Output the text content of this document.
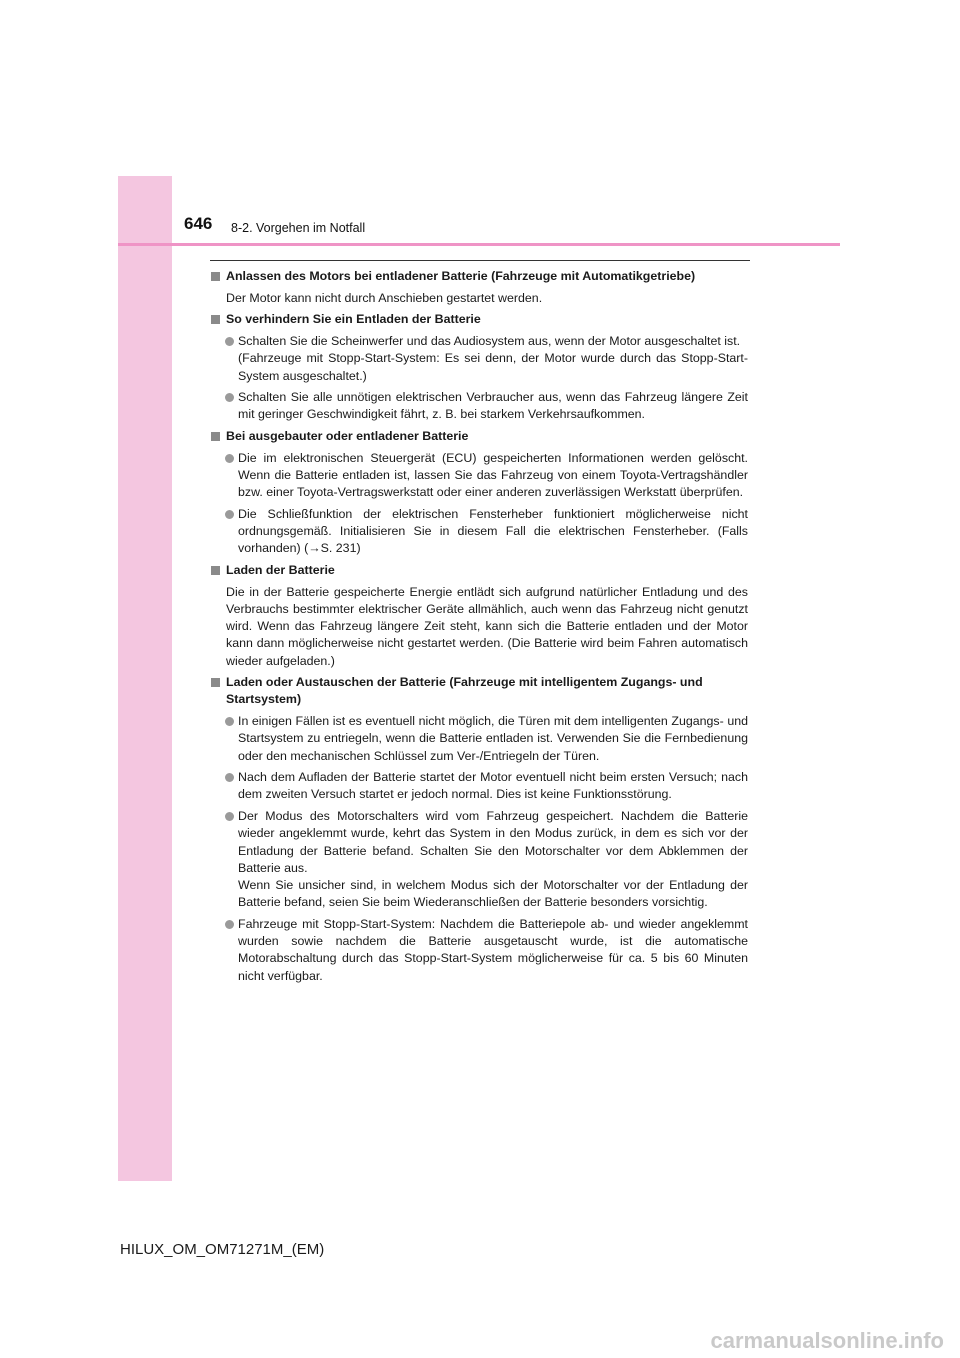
646 8-2. Vorgehen im Notfall
Anlassen des Motors bei entladener Batterie (Fahrzeuge mit Automatikgetriebe)
Der Motor kann nicht durch Anschieben gestartet werden.
So verhindern Sie ein Entladen der Batterie
Schalten Sie die Scheinwerfer und das Audiosystem aus, wenn der Motor ausgeschaltet ist.
(Fahrzeuge mit Stopp-Start-System: Es sei denn, der Motor wurde durch das Stopp-Start-System ausgeschaltet.)
Schalten Sie alle unnötigen elektrischen Verbraucher aus, wenn das Fahrzeug längere Zeit mit geringer Geschwindigkeit fährt, z. B. bei starkem Verkehrsaufkommen.
Bei ausgebauter oder entladener Batterie
Die im elektronischen Steuergerät (ECU) gespeicherten Informationen werden gelöscht. Wenn die Batterie entladen ist, lassen Sie das Fahrzeug von einem Toyota-Vertragshändler bzw. einer Toyota-Vertragswerkstatt oder einer anderen zuverlässigen Werkstatt überprüfen.
Die Schließfunktion der elektrischen Fensterheber funktioniert möglicherweise nicht ordnungsgemäß. Initialisieren Sie in diesem Fall die elektrischen Fensterheber. (Falls vorhanden) (→S. 231)
Laden der Batterie
Die in der Batterie gespeicherte Energie entlädt sich aufgrund natürlicher Entladung und des Verbrauchs bestimmter elektrischer Geräte allmählich, auch wenn das Fahrzeug nicht genutzt wird. Wenn das Fahrzeug längere Zeit steht, kann sich die Batterie entladen und der Motor kann dann möglicherweise nicht gestartet werden. (Die Batterie wird beim Fahren automatisch wieder aufgeladen.)
Laden oder Austauschen der Batterie (Fahrzeuge mit intelligentem Zugangs- und Startsystem)
In einigen Fällen ist es eventuell nicht möglich, die Türen mit dem intelligenten Zugangs- und Startsystem zu entriegeln, wenn die Batterie entladen ist. Verwenden Sie die Fernbedienung oder den mechanischen Schlüssel zum Ver-/Entriegeln der Türen.
Nach dem Aufladen der Batterie startet der Motor eventuell nicht beim ersten Versuch; nach dem zweiten Versuch startet er jedoch normal. Dies ist keine Funktionsstörung.
Der Modus des Motorschalters wird vom Fahrzeug gespeichert. Nachdem die Batterie wieder angeklemmt wurde, kehrt das System in den Modus zurück, in dem es sich vor der Entladung der Batterie befand. Schalten Sie den Motorschalter vor dem Abklemmen der Batterie aus.
Wenn Sie unsicher sind, in welchem Modus sich der Motorschalter vor der Entladung der Batterie befand, seien Sie beim Wiederanschließen der Batterie besonders vorsichtig.
Fahrzeuge mit Stopp-Start-System: Nachdem die Batteriepole ab- und wieder angeklemmt wurden sowie nachdem die Batterie ausgetauscht wurde, ist die automatische Motorabschaltung durch das Stopp-Start-System möglicherweise für ca. 5 bis 60 Minuten nicht verfügbar.
HILUX_OM_OM71271M_(EM)
carmanualsonline.info
